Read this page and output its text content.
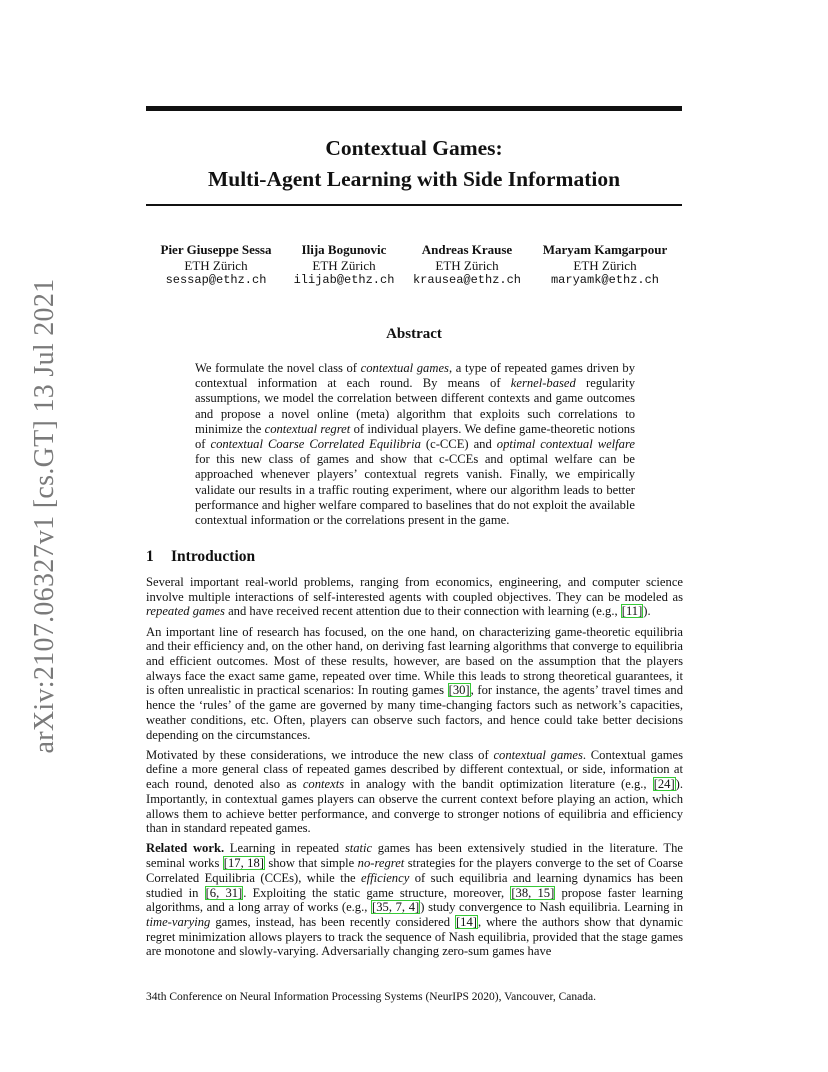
Contextual Games:
Multi-Agent Learning with Side Information
Pier Giuseppe Sessa
ETH Zürich
sessap@ethz.ch
Ilija Bogunovic
ETH Zürich
ilijab@ethz.ch
Andreas Krause
ETH Zürich
krausea@ethz.ch
Maryam Kamgarpour
ETH Zürich
maryamk@ethz.ch
Abstract
We formulate the novel class of contextual games, a type of repeated games driven by contextual information at each round. By means of kernel-based regularity assumptions, we model the correlation between different contexts and game outcomes and propose a novel online (meta) algorithm that exploits such correlations to minimize the contextual regret of individual players. We define game-theoretic notions of contextual Coarse Correlated Equilibria (c-CCE) and optimal contextual welfare for this new class of games and show that c-CCEs and optimal welfare can be approached whenever players’ contextual regrets vanish. Finally, we empirically validate our results in a traffic routing experiment, where our algorithm leads to better performance and higher welfare compared to baselines that do not exploit the available contextual information or the correlations present in the game.
1 Introduction

Several important real-world problems, ranging from economics, engineering, and computer science involve multiple interactions of self-interested agents with coupled objectives. They can be modeled as repeated games and have received recent attention due to their connection with learning (e.g., [11]).

An important line of research has focused, on the one hand, on characterizing game-theoretic equilibria and their efficiency and, on the other hand, on deriving fast learning algorithms that converge to equilibria and efficient outcomes. Most of these results, however, are based on the assumption that the players always face the exact same game, repeated over time. While this leads to strong theoretical guarantees, it is often unrealistic in practical scenarios: In routing games [30], for instance, the agents’ travel times and hence the ‘rules’ of the game are governed by many time-changing factors such as network’s capacities, weather conditions, etc. Often, players can observe such factors, and hence could take better decisions depending on the circumstances.

Motivated by these considerations, we introduce the new class of contextual games. Contextual games define a more general class of repeated games described by different contextual, or side, information at each round, denoted also as contexts in analogy with the bandit optimization literature (e.g., [24]). Importantly, in contextual games players can observe the current context before playing an action, which allows them to achieve better performance, and converge to stronger notions of equilibria and efficiency than in standard repeated games.

Related work. Learning in repeated static games has been extensively studied in the literature. The seminal works [17, 18] show that simple no-regret strategies for the players converge to the set of Coarse Correlated Equilibria (CCEs), while the efficiency of such equilibria and learning dynamics has been studied in [6, 31]. Exploiting the static game structure, moreover, [38, 15] propose faster learning algorithms, and a long array of works (e.g., [35, 7, 4]) study convergence to Nash equilibria. Learning in time-varying games, instead, has been recently considered [14], where the authors show that dynamic regret minimization allows players to track the sequence of Nash equilibria, provided that the stage games are monotone and slowly-varying. Adversarially changing zero-sum games have

34th Conference on Neural Information Processing Systems (NeurIPS 2020), Vancouver, Canada.
arXiv:2107.06327v1 [cs.GT] 13 Jul 2021
